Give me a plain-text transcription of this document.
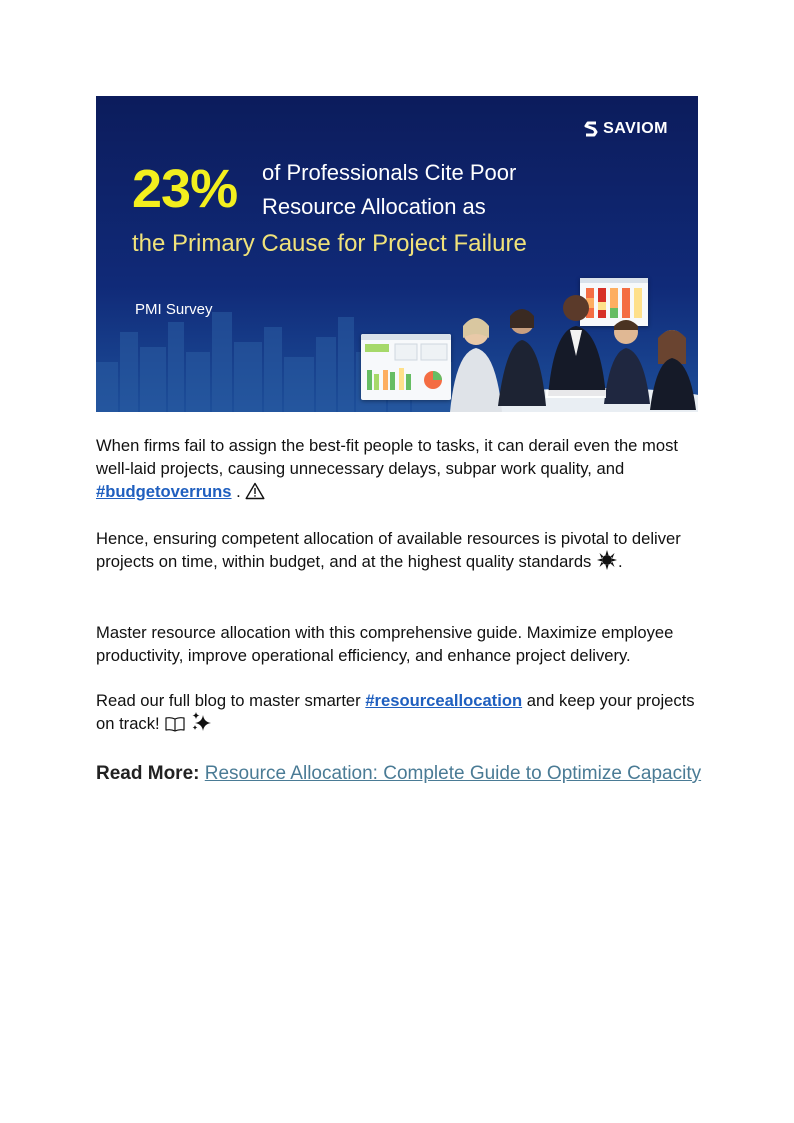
SAVIOM
23% of Professionals Cite Poor
Resource Allocation as
the Primary Cause for Project Failure
PMI Survey
When firms fail to assign the best-fit people to tasks, it can derail even the most well-laid projects, causing unnecessary delays, subpar work quality, and #budgetoverruns .
Hence, ensuring competent allocation of available resources is pivotal to deliver projects on time, within budget, and at the highest quality standards .
Master resource allocation with this comprehensive guide. Maximize employee productivity, improve operational efficiency, and enhance project delivery.
Read our full blog to master smarter #resourceallocation and keep your projects on track!
Read More: Resource Allocation: Complete Guide to Optimize Capacity
